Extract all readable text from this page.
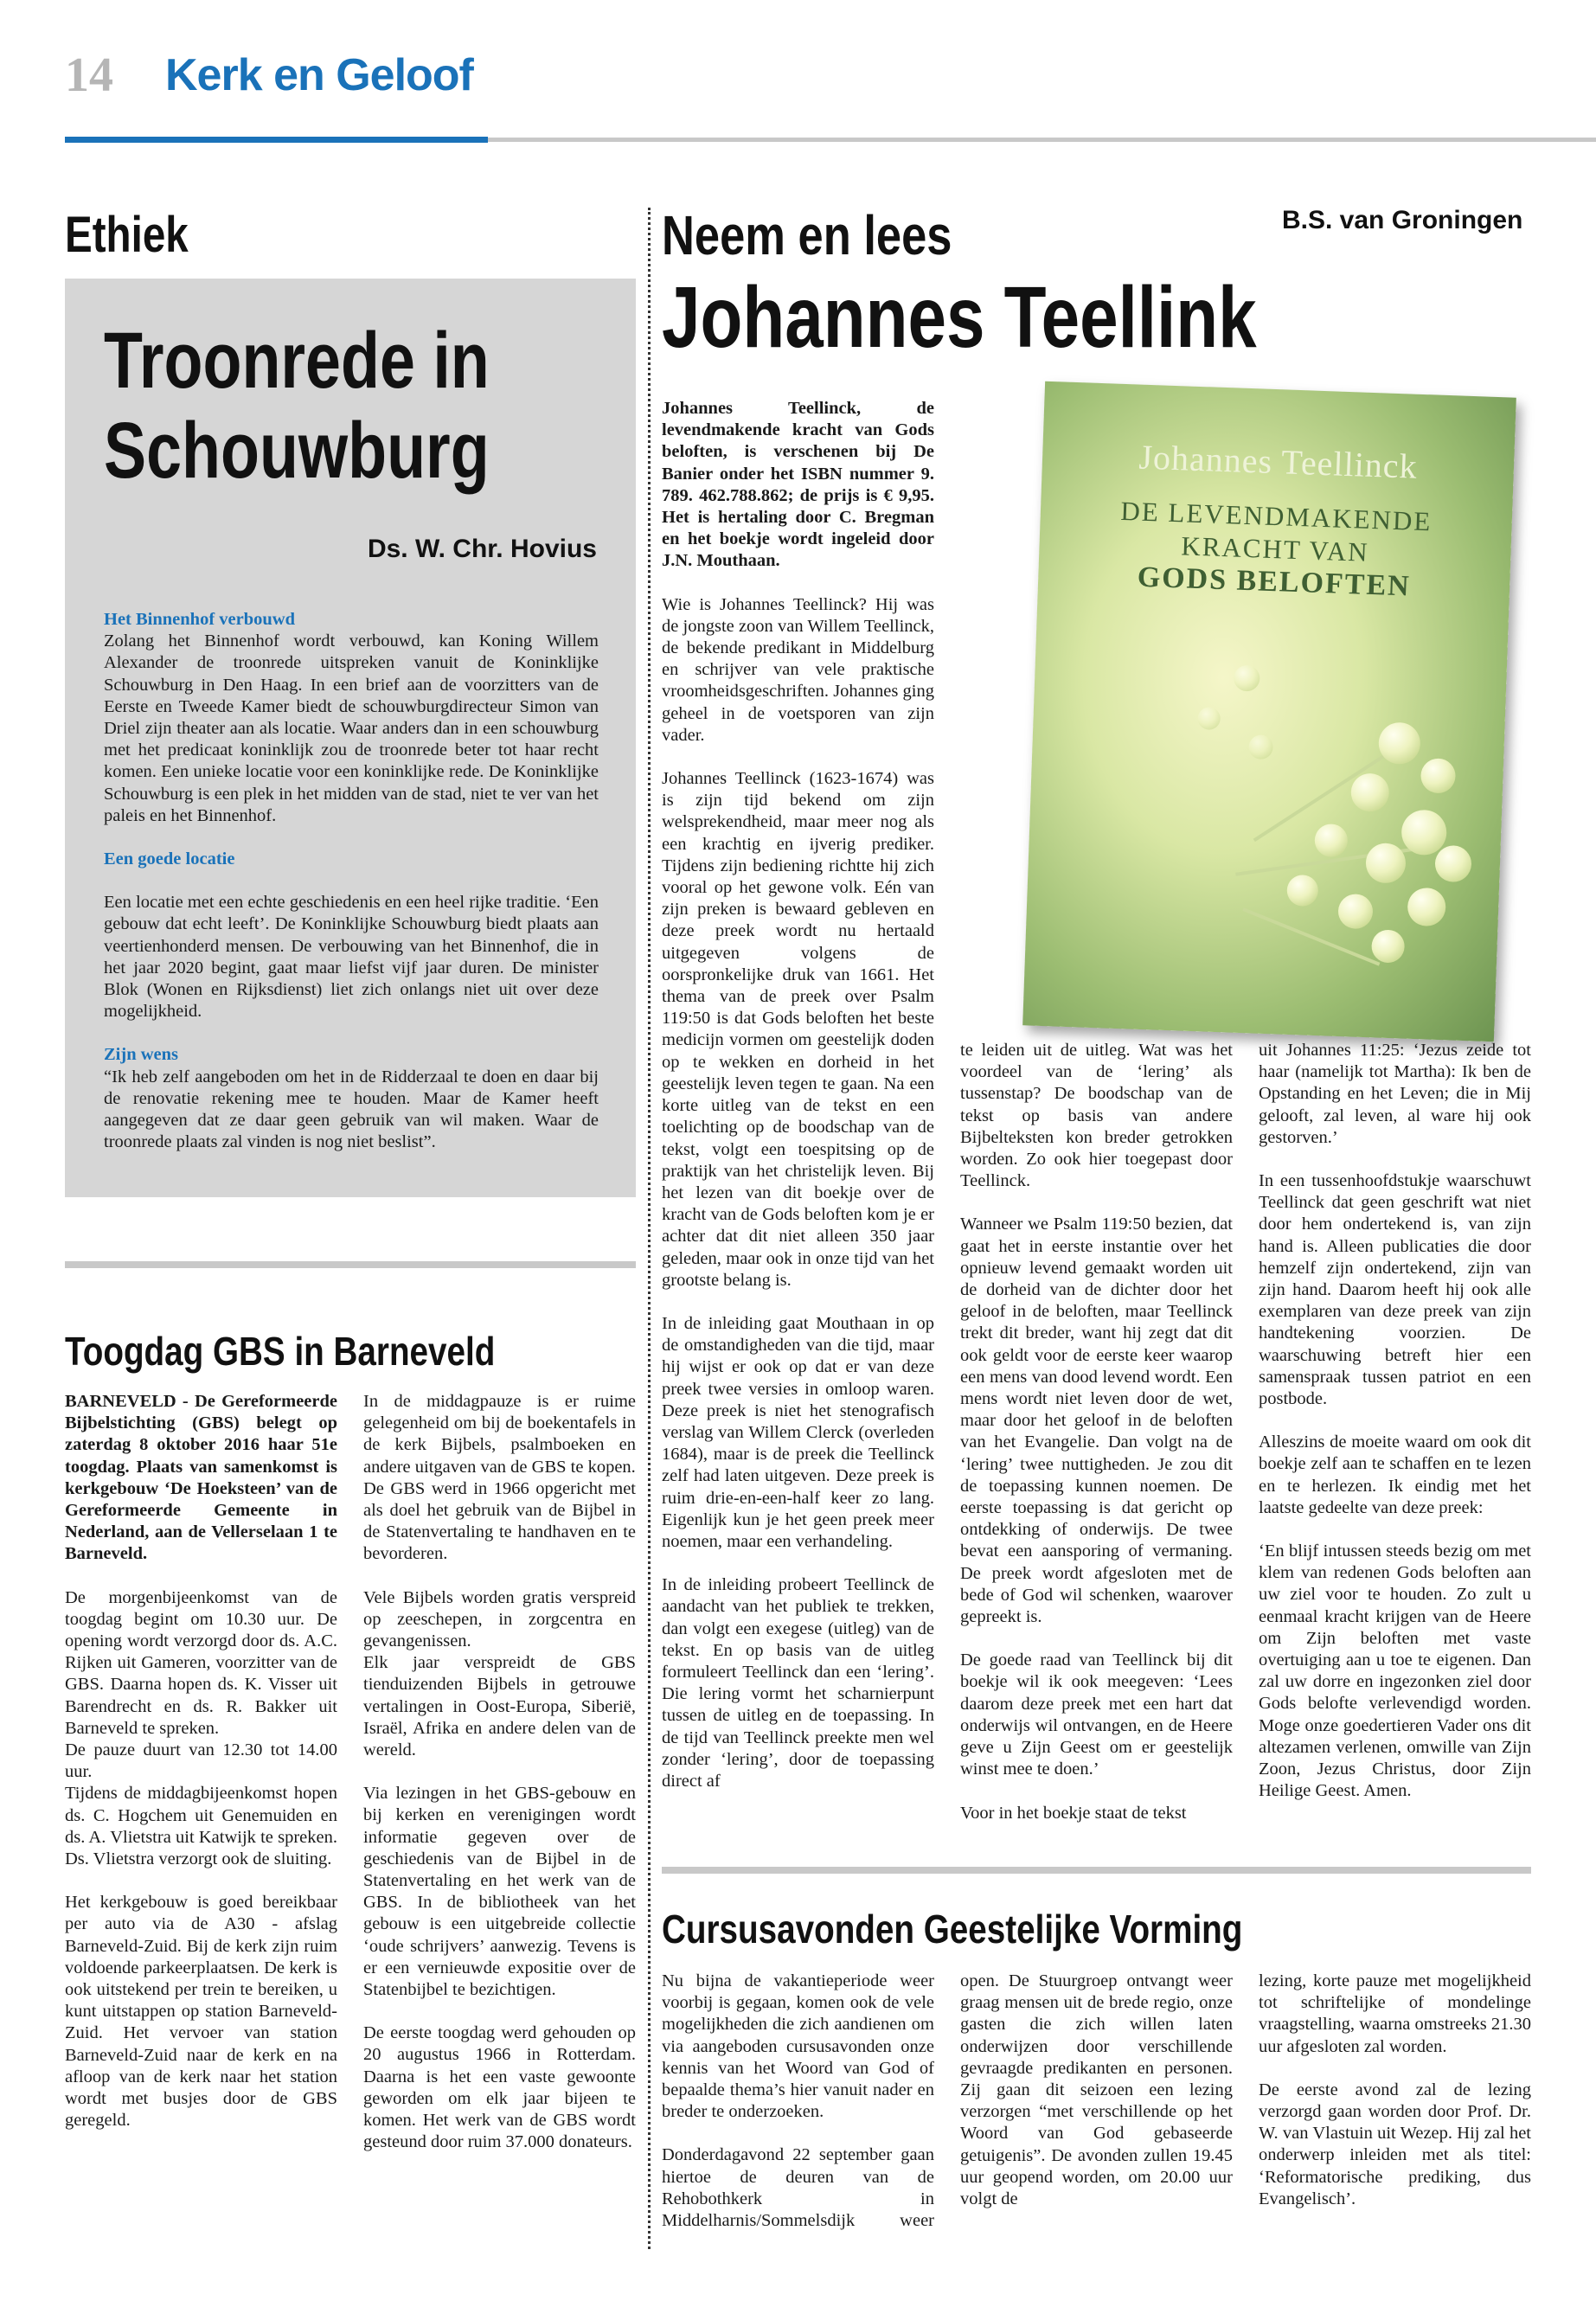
14 Kerk en Geloof
Ethiek
Troonrede in Schouwburg
Ds. W. Chr. Hovius

Het Binnenhof verbouwd
Zolang het Binnenhof wordt verbouwd, kan Koning Willem Alexander de troonrede uitspreken vanuit de Koninklijke Schouwburg in Den Haag. In een brief aan de voorzitters van de Eerste en Tweede Kamer biedt de schouwburgdirecteur Simon van Driel zijn theater aan als locatie. Waar anders dan in een schouwburg met het predicaat koninklijk zou de troonrede beter tot haar recht komen. Een unieke locatie voor een koninklijke rede. De Koninklijke Schouwburg is een plek in het midden van de stad, niet te ver van het paleis en het Binnenhof.

Een goede locatie

Een locatie met een echte geschiedenis en een heel rijke traditie. ‘Een gebouw dat echt leeft’. De Koninklijke Schouwburg biedt plaats aan veertienhonderd mensen. De verbouwing van het Binnenhof, die in het jaar 2020 begint, gaat maar liefst vijf jaar duren. De minister Blok (Wonen en Rijksdienst) liet zich onlangs niet uit over deze mogelijkheid.

Zijn wens
“Ik heb zelf aangeboden om het in de Ridderzaal te doen en daar bij de renovatie rekening mee te houden. Maar de Kamer heeft aangegeven dat ze daar geen gebruik van wil maken. Waar de troonrede plaats zal vinden is nog niet beslist”.

Toogdag GBS in Barneveld

BARNEVELD - De Gereformeerde Bijbelstichting (GBS) belegt op zaterdag 8 oktober 2016 haar 51e toogdag. Plaats van samenkomst is kerkgebouw ‘De Hoeksteen’ van de Gereformeerde Gemeente in Nederland, aan de Vellerselaan 1 te Barneveld.

De morgenbijeenkomst van de toogdag begint om 10.30 uur. De opening wordt verzorgd door ds. A.C. Rijken uit Gameren, voorzitter van de GBS. Daarna hopen ds. K. Visser uit Barendrecht en ds. R. Bakker uit Barneveld te spreken.
De pauze duurt van 12.30 tot 14.00 uur.
Tijdens de middagbijeenkomst hopen ds. C. Hogchem uit Genemuiden en ds. A. Vlietstra uit Katwijk te spreken. Ds. Vlietstra verzorgt ook de sluiting.

Het kerkgebouw is goed bereikbaar per auto via de A30 - afslag Barneveld-Zuid. Bij de kerk zijn ruim voldoende parkeerplaatsen. De kerk is ook uitstekend per trein te bereiken, u kunt uitstappen op station Barneveld-Zuid. Het vervoer van station Barneveld-Zuid naar de kerk en na afloop van de kerk naar het station wordt met busjes door de GBS geregeld.

In de middagpauze is er ruime gelegenheid om bij de boekentafels in de kerk Bijbels, psalmboeken en andere uitgaven van de GBS te kopen.
De GBS werd in 1966 opgericht met als doel het gebruik van de Bijbel in de Statenvertaling te handhaven en te bevorderen.

Vele Bijbels worden gratis verspreid op zeeschepen, in zorgcentra en gevangenissen.
Elk jaar verspreidt de GBS tienduizenden Bijbels in getrouwe vertalingen in Oost-Europa, Siberië, Israël, Afrika en andere delen van de wereld.

Via lezingen in het GBS-gebouw en bij kerken en verenigingen wordt informatie gegeven over de geschiedenis van de Bijbel in de Statenvertaling en het werk van de GBS. In de bibliotheek van het gebouw is een uitgebreide collectie ‘oude schrijvers’ aanwezig. Tevens is er een vernieuwde expositie over de Statenbijbel te bezichtigen.

De eerste toogdag werd gehouden op 20 augustus 1966 in Rotterdam. Daarna is het een vaste gewoonte geworden om elk jaar bijeen te komen. Het werk van de GBS wordt gesteund door ruim 37.000 donateurs.

Neem en lees
Johannes Teellink
B.S. van Groningen
Johannes Teellinck
DE LEVENDMAKENDE
KRACHT VAN
GODS BELOFTEN

Johannes Teellinck, de levendmakende kracht van Gods beloften, is verschenen bij De Banier onder het ISBN nummer 9. 789. 462.788.862; de prijs is € 9,95. Het is hertaling door C. Bregman en het boekje wordt ingeleid door J.N. Mouthaan.

Wie is Johannes Teellinck? Hij was de jongste zoon van Willem Teellinck, de bekende predikant in Middelburg en schrijver van vele praktische vroomheidsgeschriften. Johannes ging geheel in de voetsporen van zijn vader.

Johannes Teellinck (1623-1674) was is zijn tijd bekend om zijn welsprekendheid, maar meer nog als een krachtig en ijverig prediker. Tijdens zijn bediening richtte hij zich vooral op het gewone volk. Eén van zijn preken is bewaard gebleven en deze preek wordt nu hertaald uitgegeven volgens de oorspronkelijke druk van 1661. Het thema van de preek over Psalm 119:50 is dat Gods beloften het beste medicijn vormen om geestelijk doden op te wekken en dorheid in het geestelijk leven tegen te gaan. Na een korte uitleg van de tekst en een toelichting op de boodschap van de tekst, volgt een toespitsing op de praktijk van het christelijk leven. Bij het lezen van dit boekje over de kracht van de Gods beloften kom je er achter dat dit niet alleen 350 jaar geleden, maar ook in onze tijd van het grootste belang is.

In de inleiding gaat Mouthaan in op de omstandigheden van die tijd, maar hij wijst er ook op dat er van deze preek twee versies in omloop waren. Deze preek is niet het stenografisch verslag van Willem Clerck (overleden 1684), maar is de preek die Teellinck zelf had laten uitgeven. Deze preek is ruim drie-en-een-half keer zo lang. Eigenlijk kun je het geen preek meer noemen, maar een verhandeling.

In de inleiding probeert Teellinck de aandacht van het publiek te trekken, dan volgt een exegese (uitleg) van de tekst. En op basis van de uitleg formuleert Teellinck dan een ‘lering’. Die lering vormt het scharnierpunt tussen de uitleg en de toepassing. In de tijd van Teellinck preekte men wel zonder ‘lering’, door de toepassing direct af

te leiden uit de uitleg. Wat was het voordeel van de ‘lering’ als tussenstap? De boodschap van de tekst op basis van andere Bijbelteksten kon breder getrokken worden. Zo ook hier toegepast door Teellinck.

Wanneer we Psalm 119:50 bezien, dat gaat het in eerste instantie over het opnieuw levend gemaakt worden uit de dorheid van de dichter door het geloof in de beloften, maar Teellinck trekt dit breder, want hij zegt dat dit ook geldt voor de eerste keer waarop een mens van dood levend wordt. Een mens wordt niet leven door de wet, maar door het geloof in de beloften van het Evangelie. Dan volgt na de ‘lering’ twee nuttigheden. Je zou dit de toepassing kunnen noemen. De eerste toepassing is dat gericht op ontdekking of onderwijs. De twee bevat een aansporing of vermaning. De preek wordt afgesloten met de bede of God wil schenken, waarover gepreekt is.

De goede raad van Teellinck bij dit boekje wil ik ook meegeven: ‘Lees daarom deze preek met een hart dat onderwijs wil ontvangen, en de Heere geve u Zijn Geest om er geestelijk winst mee te doen.’

Voor in het boekje staat de tekst

uit Johannes 11:25: ‘Jezus zeide tot haar (namelijk tot Martha): Ik ben de Opstanding en het Leven; die in Mij gelooft, zal leven, al ware hij ook gestorven.’

In een tussenhoofdstukje waarschuwt Teellinck dat geen geschrift wat niet door hem ondertekend is, van zijn hand is. Alleen publicaties die door hemzelf zijn ondertekend, zijn van zijn hand. Daarom heeft hij ook alle exemplaren van deze preek van zijn handtekening voorzien. De waarschuwing betreft hier een samenspraak tussen patriot en een postbode.

Alleszins de moeite waard om ook dit boekje zelf aan te schaffen en te lezen en te herlezen. Ik eindig met het laatste gedeelte van deze preek:

‘En blijf intussen steeds bezig om met klem van redenen Gods beloften aan uw ziel voor te houden. Zo zult u eenmaal kracht krijgen van de Heere om Zijn beloften met vaste overtuiging aan u toe te eigenen. Dan zal uw dorre en ingezonken ziel door Gods belofte verlevendigd worden. Moge onze goedertieren Vader ons dit altezamen verlenen, omwille van Zijn Zoon, Jezus Christus, door Zijn Heilige Geest. Amen.

Cursusavonden Geestelijke Vorming

Nu bijna de vakantieperiode weer voorbij is gegaan, komen ook de vele mogelijkheden die zich aandienen om via aangeboden cursusavonden onze kennis van het Woord van God of bepaalde thema’s hier vanuit nader en breder te onderzoeken.

Donderdagavond 22 september gaan hiertoe de deuren van de Rehobothkerk in Middelharnis/Sommelsdijk weer open. De Stuurgroep ontvangt weer graag mensen uit de brede regio, onze gasten die zich willen laten onderwijzen door verschillende gevraagde predikanten en personen. Zij gaan dit seizoen een lezing verzorgen “met verschillende op het Woord van God gebaseerde getuigenis”. De avonden zullen 19.45 uur geopend worden, om 20.00 uur volgt de

lezing, korte pauze met mogelijkheid tot schriftelijke of mondelinge vraagstelling, waarna omstreeks 21.30 uur afgesloten zal worden.

De eerste avond zal de lezing verzorgd gaan worden door Prof. Dr. W. van Vlastuin uit Wezep. Hij zal het onderwerp inleiden met als titel: ‘Reformatorische prediking, dus Evangelisch’.
